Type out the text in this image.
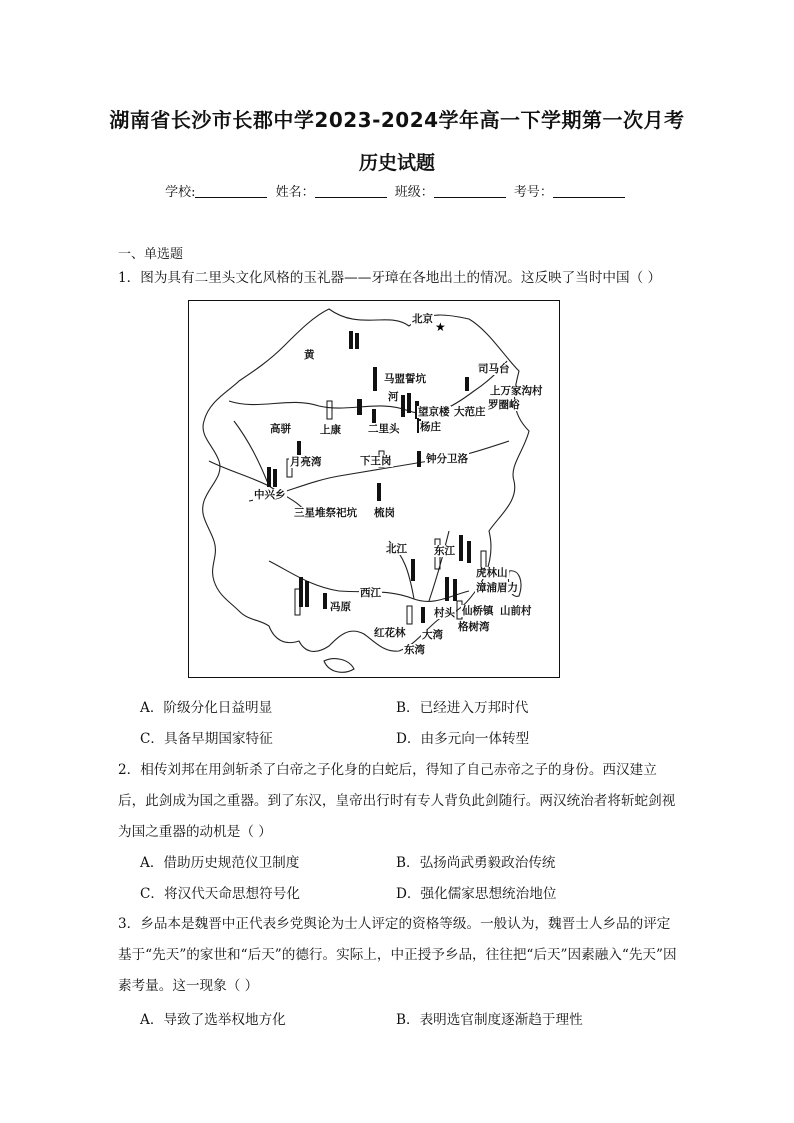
湖南省长沙市长郡中学2023-2024学年高一下学期第一次月考
历史试题
学校:	姓名：	班级：	考号：
一、单选题
1．图为具有二里头文化风格的玉礼器——牙璋在各地出土的情况。这反映了当时中国（ ）
★
北京
黄
马盟誓坑
河
司马台
上万家沟村
罗圈峪
望京楼 大范庄
上康	二里头 杨庄
高骈
月亮湾	下王岗	钟分卫洛
中兴乡
三星堆祭祀坑 梳岗
北江	东江
虎林山
漳浦眉力
西江
冯原	村头 仙桥镇 山前村
格树湾
红花林 大湾
东湾
A．阶级分化日益明显	B．已经进入万邦时代
C．具备早期国家特征	D．由多元向一体转型
2．相传刘邦在用剑斩杀了白帝之子化身的白蛇后，得知了自己赤帝之子的身份。西汉建立后，此剑成为国之重器。到了东汉，皇帝出行时有专人背负此剑随行。两汉统治者将斩蛇剑视为国之重器的动机是（ ）
A．借助历史规范仪卫制度	B．弘扬尚武勇毅政治传统
C．将汉代天命思想符号化	D．强化儒家思想统治地位
3．乡品本是魏晋中正代表乡党舆论为士人评定的资格等级。一般认为，魏晋士人乡品的评定基于“先天”的家世和“后天”的德行。实际上，中正授予乡品，往往把“后天”因素融入“先天”因素考量。这一现象（ ）
A．导致了选举权地方化	B．表明选官制度逐渐趋于理性
